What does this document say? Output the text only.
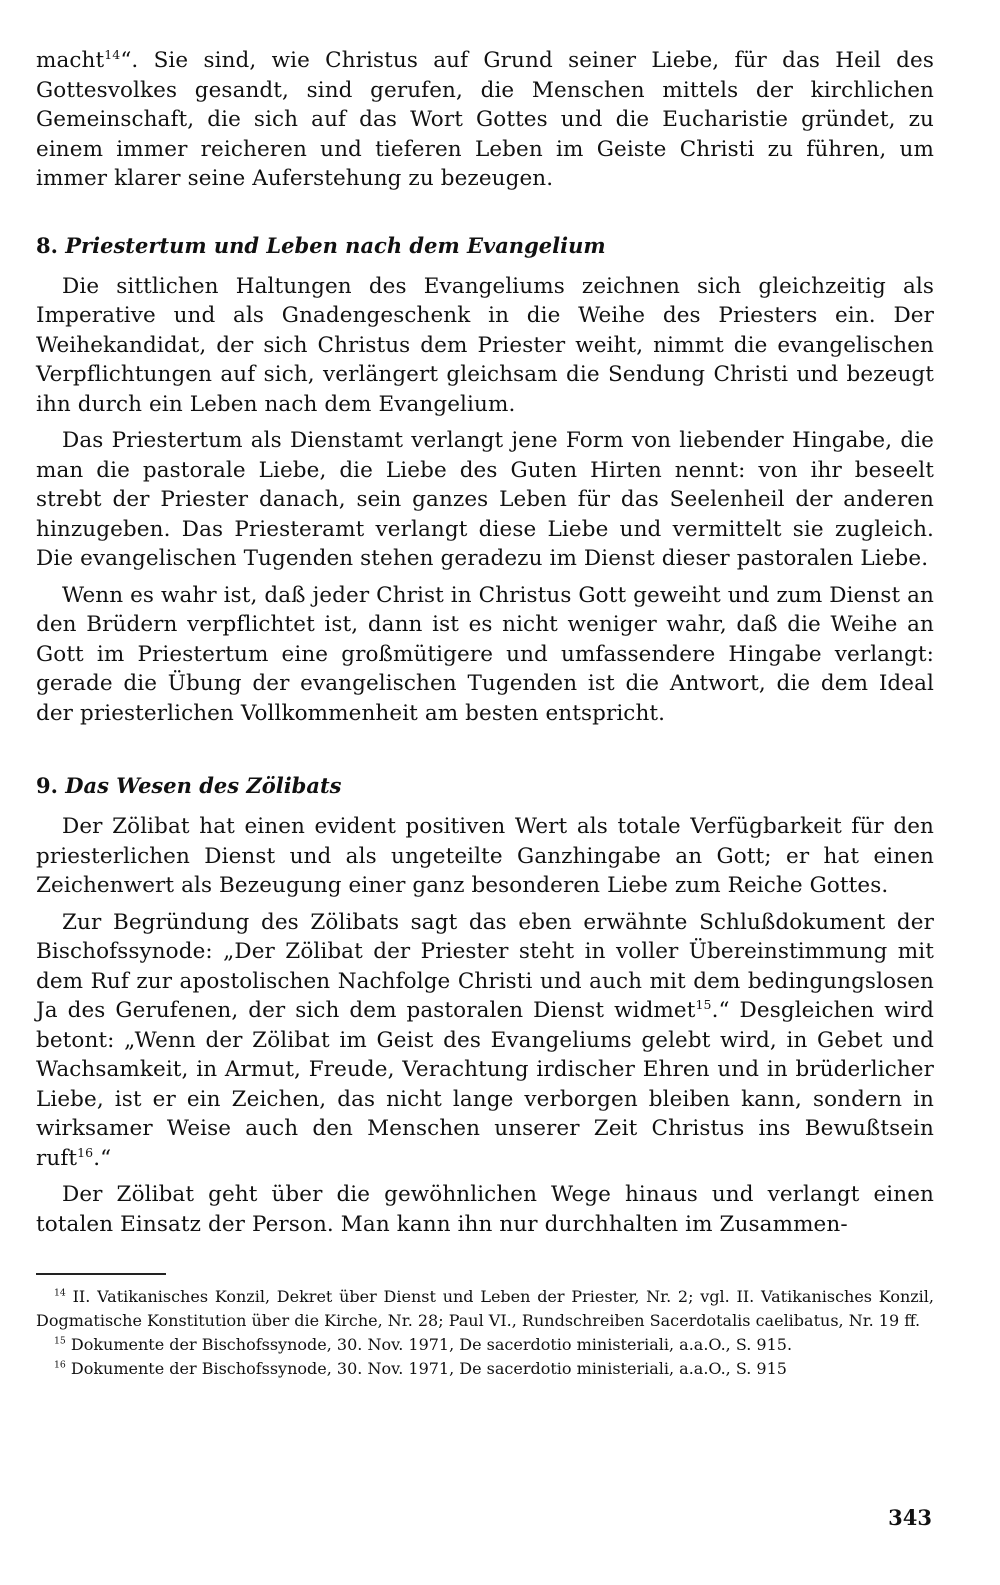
macht$^{14}$“. Sie sind, wie Christus auf Grund seiner Liebe, für das Heil des Gottesvolkes gesandt, sind gerufen, die Menschen mittels der kirchlichen Gemeinschaft, die sich auf das Wort Gottes und die Eucharistie gründet, zu einem immer reicheren und tieferen Leben im Geiste Christi zu führen, um immer klarer seine Auferstehung zu bezeugen.

8. Priestertum und Leben nach dem Evangelium

Die sittlichen Haltungen des Evangeliums zeichnen sich gleichzeitig als Imperative und als Gnadengeschenk in die Weihe des Priesters ein. Der Weihekandidat, der sich Christus dem Priester weiht, nimmt die evangelischen Verpflichtungen auf sich, verlängert gleichsam die Sendung Christi und bezeugt ihn durch ein Leben nach dem Evangelium.

Das Priestertum als Dienstamt verlangt jene Form von liebender Hingabe, die man die pastorale Liebe, die Liebe des Guten Hirten nennt: von ihr beseelt strebt der Priester danach, sein ganzes Leben für das Seelenheil der anderen hinzugeben. Das Priesteramt verlangt diese Liebe und vermittelt sie zugleich. Die evangelischen Tugenden stehen geradezu im Dienst dieser pastoralen Liebe.

Wenn es wahr ist, daß jeder Christ in Christus Gott geweiht und zum Dienst an den Brüdern verpflichtet ist, dann ist es nicht weniger wahr, daß die Weihe an Gott im Priestertum eine großmütigere und umfassendere Hingabe verlangt: gerade die Übung der evangelischen Tugenden ist die Antwort, die dem Ideal der priesterlichen Vollkommenheit am besten entspricht.

9. Das Wesen des Zölibats

Der Zölibat hat einen evident positiven Wert als totale Verfügbarkeit für den priesterlichen Dienst und als ungeteilte Ganzhingabe an Gott; er hat einen Zeichenwert als Bezeugung einer ganz besonderen Liebe zum Reiche Gottes.

Zur Begründung des Zölibats sagt das eben erwähnte Schlußdokument der Bischofssynode: „Der Zölibat der Priester steht in voller Übereinstimmung mit dem Ruf zur apostolischen Nachfolge Christi und auch mit dem bedingungslosen Ja des Gerufenen, der sich dem pastoralen Dienst widmet$^{15}$.“ Desgleichen wird betont: „Wenn der Zölibat im Geist des Evangeliums gelebt wird, in Gebet und Wachsamkeit, in Armut, Freude, Verachtung irdischer Ehren und in brüderlicher Liebe, ist er ein Zeichen, das nicht lange verborgen bleiben kann, sondern in wirksamer Weise auch den Menschen unserer Zeit Christus ins Bewußtsein ruft$^{16}$.“

Der Zölibat geht über die gewöhnlichen Wege hinaus und verlangt einen totalen Einsatz der Person. Man kann ihn nur durchhalten im Zusammen-

$^{14}$ II. Vatikanisches Konzil, Dekret über Dienst und Leben der Priester, Nr. 2; vgl. II. Vatikanisches Konzil, Dogmatische Konstitution über die Kirche, Nr. 28; Paul VI., Rundschreiben Sacerdotalis caelibatus, Nr. 19 ff.

$^{15}$ Dokumente der Bischofssynode, 30. Nov. 1971, De sacerdotio ministeriali, a.a.O., S. 915.

$^{16}$ Dokumente der Bischofssynode, 30. Nov. 1971, De sacerdotio ministeriali, a.a.O., S. 915

343
